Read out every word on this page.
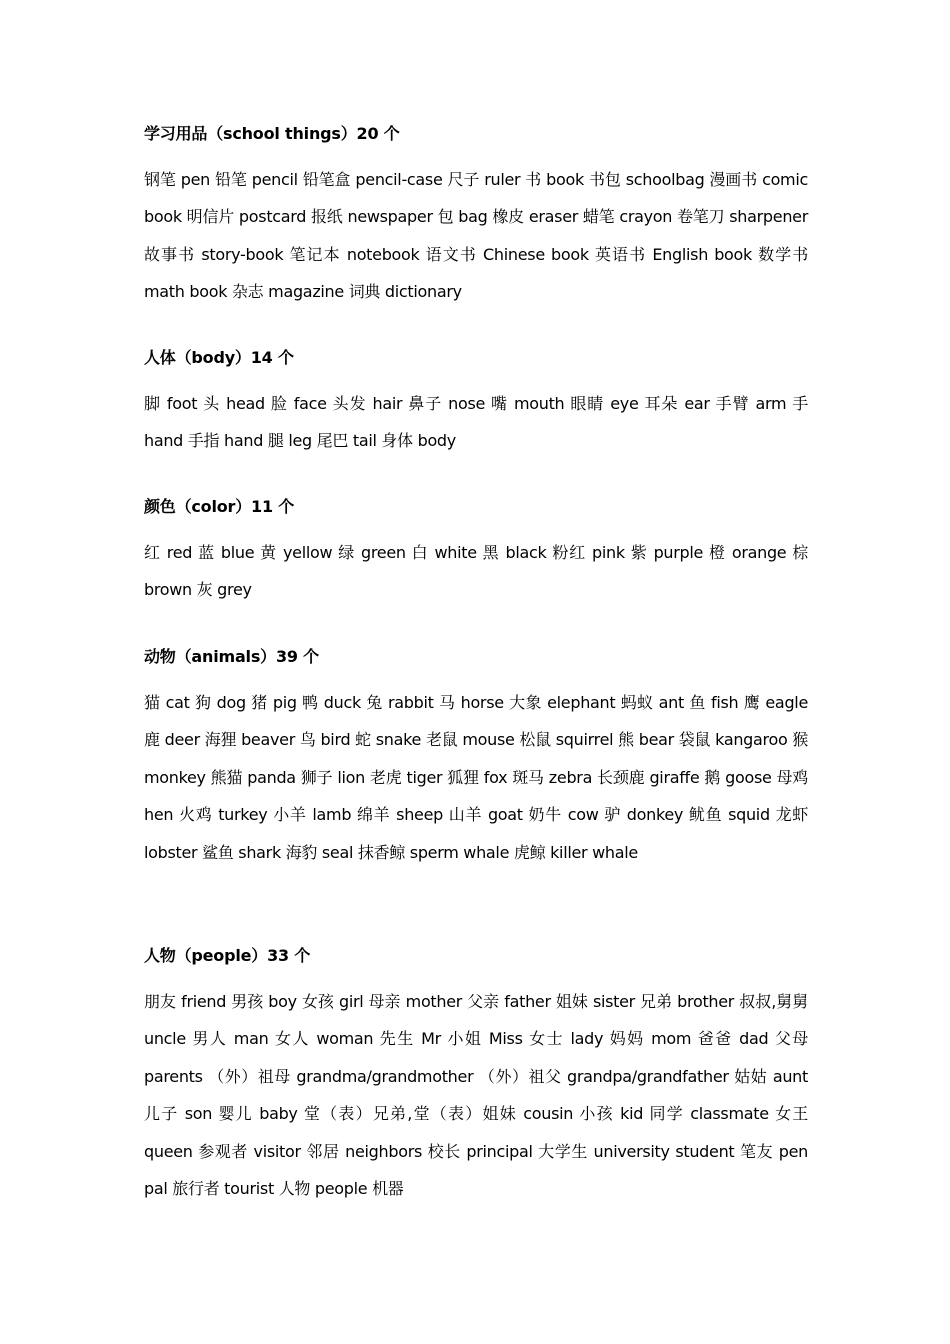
学习用品（school things）20 个
钢笔 pen 铅笔 pencil 铅笔盒 pencil-case 尺子 ruler 书 book 书包 schoolbag 漫画书 comic book 明信片 postcard 报纸 newspaper 包 bag 橡皮 eraser 蜡笔 crayon 卷笔刀 sharpener 故事书 story-book 笔记本 notebook 语文书 Chinese book 英语书 English book 数学书 math book 杂志 magazine 词典 dictionary
人体（body）14 个
脚 foot 头 head 脸 face 头发 hair 鼻子 nose 嘴 mouth 眼睛 eye 耳朵 ear 手臂 arm 手 hand 手指 hand 腿 leg 尾巴 tail 身体 body
颜色（color）11 个
红 red 蓝 blue 黄 yellow 绿 green 白 white 黑 black 粉红 pink 紫 purple 橙 orange 棕 brown 灰 grey
动物（animals）39 个
猫 cat 狗 dog 猪 pig 鸭 duck 兔 rabbit 马 horse 大象 elephant 蚂蚁 ant 鱼 fish 鹰 eagle 鹿 deer 海狸 beaver 鸟 bird 蛇 snake 老鼠 mouse 松鼠 squirrel 熊 bear 袋鼠 kangaroo 猴 monkey 熊猫 panda 狮子 lion 老虎 tiger 狐狸 fox 斑马 zebra 长颈鹿 giraffe 鹅 goose 母鸡 hen 火鸡 turkey 小羊 lamb 绵羊 sheep 山羊 goat 奶牛 cow 驴 donkey 鱿鱼 squid 龙虾 lobster 鲨鱼 shark 海豹 seal 抹香鲸 sperm whale 虎鲸 killer whale
人物（people）33 个
朋友 friend 男孩 boy 女孩 girl 母亲 mother 父亲 father 姐妹 sister 兄弟 brother 叔叔,舅舅 uncle 男人 man 女人 woman 先生 Mr 小姐 Miss 女士 lady 妈妈 mom 爸爸 dad 父母 parents （外）祖母 grandma/grandmother （外）祖父 grandpa/grandfather 姑姑 aunt 儿子 son 婴儿 baby 堂（表）兄弟,堂（表）姐妹 cousin 小孩 kid 同学 classmate 女王 queen 参观者 visitor 邻居 neighbors 校长 principal 大学生 university student 笔友 pen pal 旅行者 tourist 人物 people 机器
